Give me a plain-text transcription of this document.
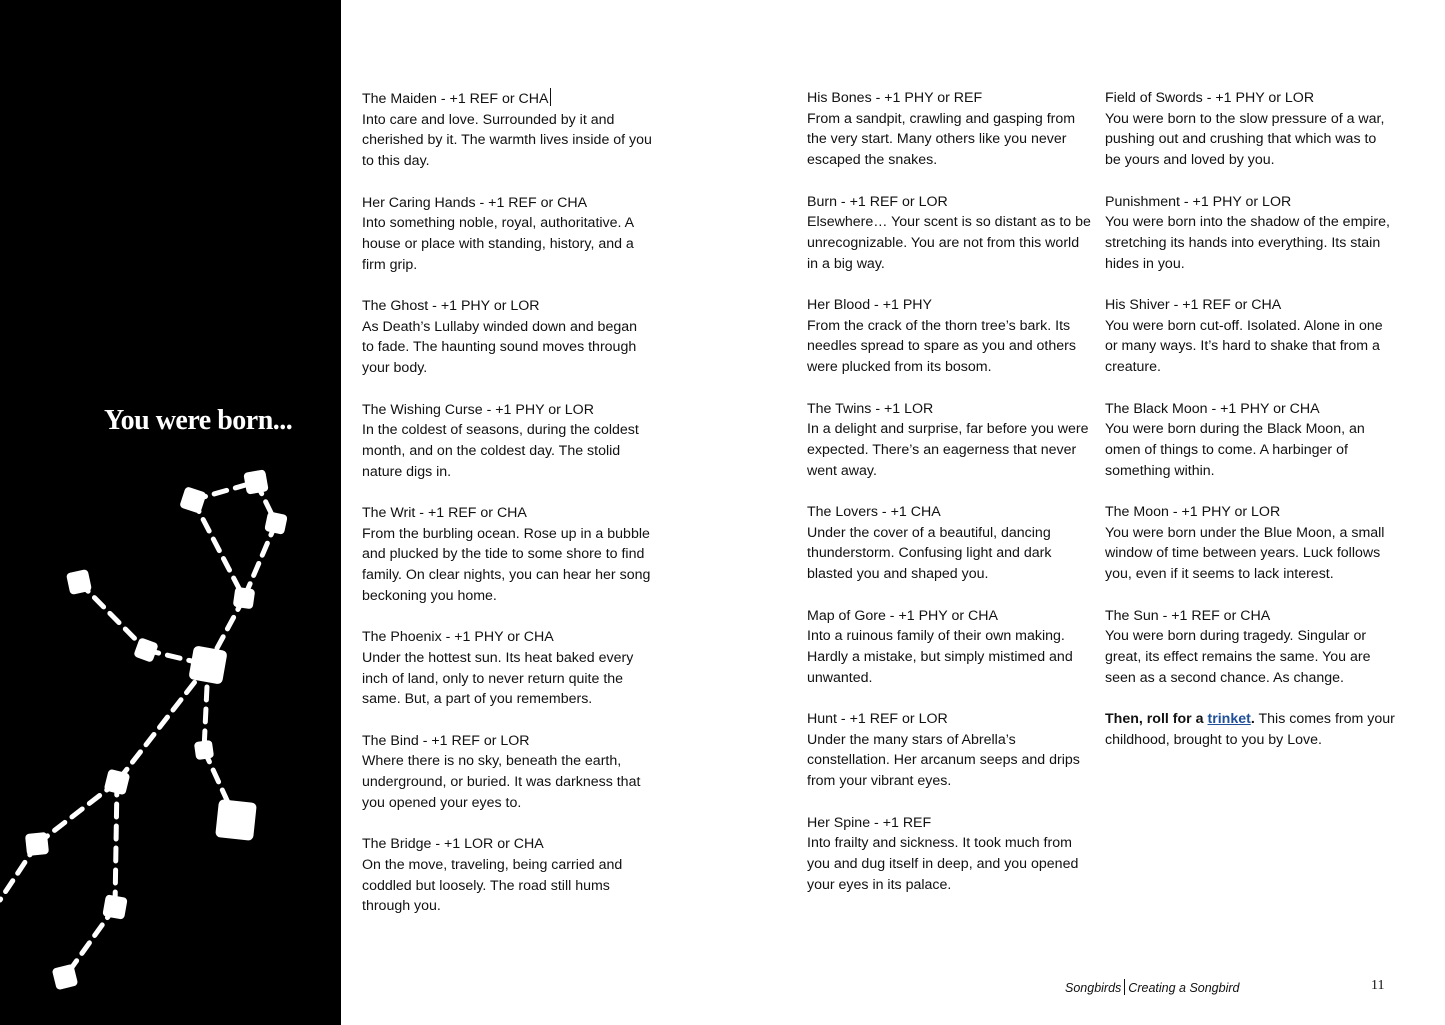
You were born...
The Maiden - +1 REF or CHA
Into care and love. Surrounded by it and cherished by it. The warmth lives inside of you to this day.
Her Caring Hands - +1 REF or CHA
Into something noble, royal, authoritative. A house or place with standing, history, and a firm grip.
The Ghost - +1 PHY or LOR
As Death’s Lullaby winded down and began to fade. The haunting sound moves through your body.
The Wishing Curse - +1 PHY or LOR
In the coldest of seasons, during the coldest month, and on the coldest day. The stolid nature digs in.
The Writ - +1 REF or CHA
From the burbling ocean. Rose up in a bubble and plucked by the tide to some shore to find family. On clear nights, you can hear her song beckoning you home.
The Phoenix - +1 PHY or CHA
Under the hottest sun. Its heat baked every inch of land, only to never return quite the same. But, a part of you remembers.
The Bind - +1 REF or LOR
Where there is no sky, beneath the earth, underground, or buried. It was darkness that you opened your eyes to.
The Bridge - +1 LOR or CHA
On the move, traveling, being carried and coddled but loosely. The road still hums through you.
His Bones - +1 PHY or REF
From a sandpit, crawling and gasping from the very start. Many others like you never escaped the snakes.
Burn - +1 REF or LOR
Elsewhere… Your scent is so distant as to be unrecognizable. You are not from this world in a big way.
Her Blood - +1 PHY
From the crack of the thorn tree’s bark. Its needles spread to spare as you and others were plucked from its bosom.
The Twins - +1 LOR
In a delight and surprise, far before you were expected. There’s an eagerness that never went away.
The Lovers - +1 CHA
Under the cover of a beautiful, dancing thunderstorm. Confusing light and dark blasted you and shaped you.
Map of Gore - +1 PHY or CHA
Into a ruinous family of their own making. Hardly a mistake, but simply mistimed and unwanted.
Hunt - +1 REF or LOR
Under the many stars of Abrella’s constellation. Her arcanum seeps and drips from your vibrant eyes.
Her Spine - +1 REF
Into frailty and sickness. It took much from you and dug itself in deep, and you opened your eyes in its palace.
Field of Swords - +1 PHY or LOR
You were born to the slow pressure of a war, pushing out and crushing that which was to be yours and loved by you.
Punishment - +1 PHY or LOR
You were born into the shadow of the empire, stretching its hands into everything. Its stain hides in you.
His Shiver - +1 REF or CHA
You were born cut-off. Isolated. Alone in one or many ways. It’s hard to shake that from a creature.
The Black Moon - +1 PHY or CHA
You were born during the Black Moon, an omen of things to come. A harbinger of something within.
The Moon - +1 PHY or LOR
You were born under the Blue Moon, a small window of time between years. Luck follows you, even if it seems to lack interest.
The Sun - +1 REF or CHA
You were born during tragedy. Singular or great, its effect remains the same. You are seen as a second chance. As change.

Then, roll for a trinket. This comes from your childhood, brought to you by Love.

Songbirds Creating a Songbird	11
